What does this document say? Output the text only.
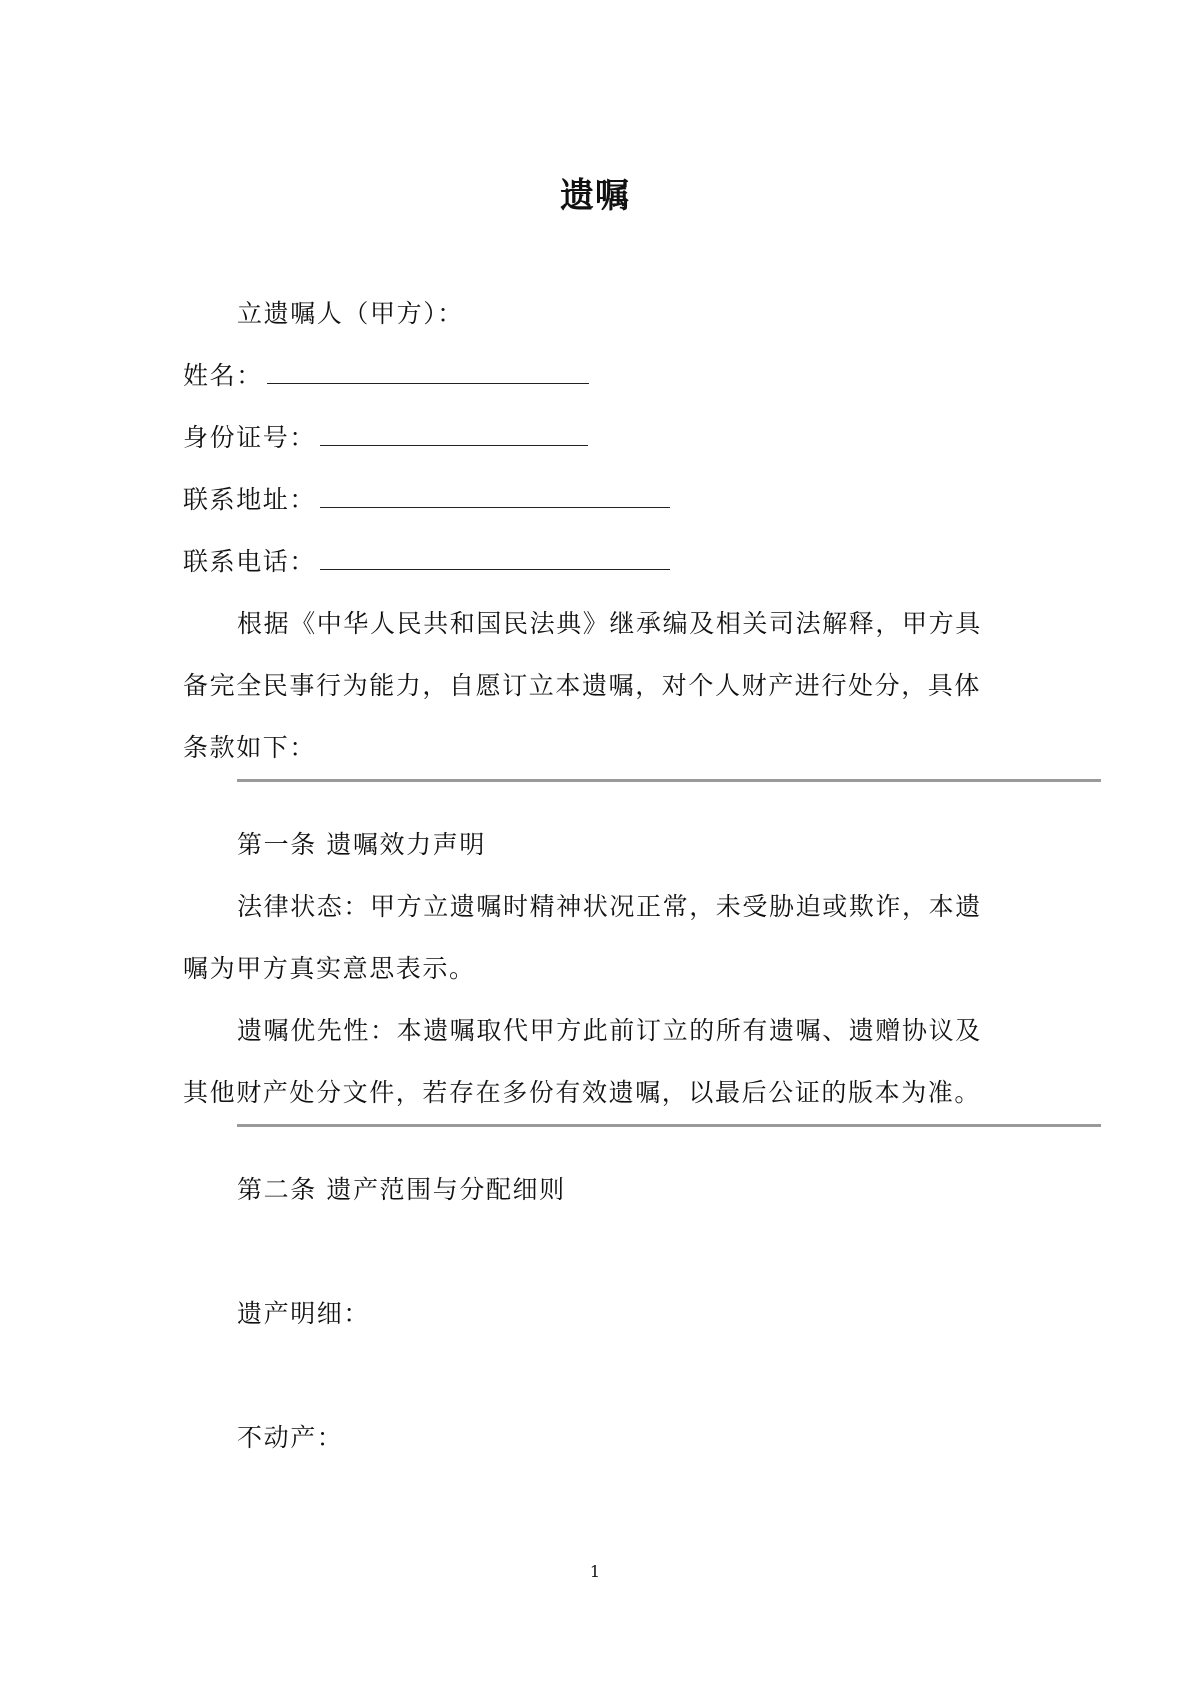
遗嘱
立遗嘱人（甲方）：
姓名：
身份证号：
联系地址：
联系电话：
根据《中华人民共和国民法典》继承编及相关司法解释，甲方具
备完全民事行为能力，自愿订立本遗嘱，对个人财产进行处分，具体
条款如下：
第一条 遗嘱效力声明
法律状态：甲方立遗嘱时精神状况正常，未受胁迫或欺诈，本遗
嘱为甲方真实意思表示。
遗嘱优先性：本遗嘱取代甲方此前订立的所有遗嘱、遗赠协议及
其他财产处分文件，若存在多份有效遗嘱，以最后公证的版本为准。
第二条 遗产范围与分配细则
遗产明细：
不动产：
1
